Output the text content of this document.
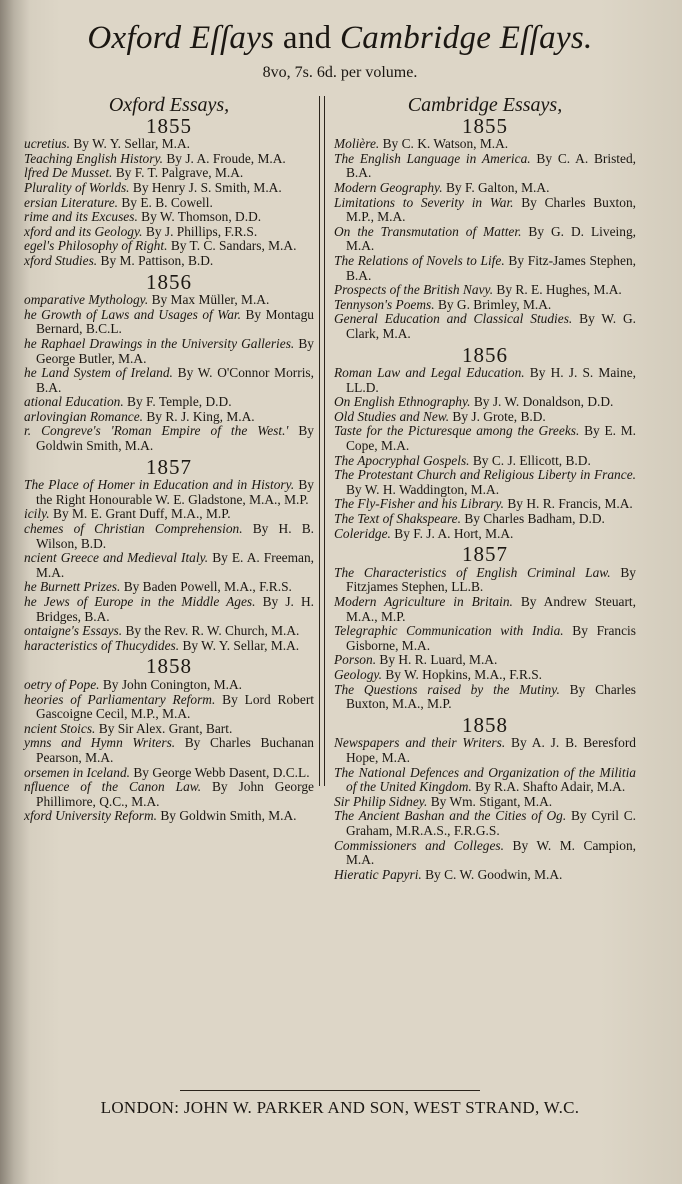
Oxford Eſſays and Cambridge Eſſays.
8vo, 7s. 6d. per volume.
Oxford Essays,
1855

ucretius. By W. Y. Sellar, M.A.

Teaching English History. By J. A. Froude, M.A.

lfred De Musset. By F. T. Palgrave, M.A.

Plurality of Worlds. By Henry J. S. Smith, M.A.

ersian Literature. By E. B. Cowell.

rime and its Excuses. By W. Thomson, D.D.

xford and its Geology. By J. Phillips, F.R.S.

egel's Philosophy of Right. By T. C. Sandars, M.A.

xford Studies. By M. Pattison, B.D.

1856

omparative Mythology. By Max Müller, M.A.

he Growth of Laws and Usages of War. By Montagu Bernard, B.C.L.

he Raphael Drawings in the University Galleries. By George Butler, M.A.

he Land System of Ireland. By W. O'Connor Morris, B.A.

ational Education. By F. Temple, D.D.

arlovingian Romance. By R. J. King, M.A.

r. Congreve's 'Roman Empire of the West.' By Goldwin Smith, M.A.

1857

The Place of Homer in Education and in History. By the Right Honourable W. E. Gladstone, M.A., M.P.

icily. By M. E. Grant Duff, M.A., M.P.

chemes of Christian Comprehension. By H. B. Wilson, B.D.

ncient Greece and Medieval Italy. By E. A. Freeman, M.A.

he Burnett Prizes. By Baden Powell, M.A., F.R.S.

he Jews of Europe in the Middle Ages. By J. H. Bridges, B.A.

ontaigne's Essays. By the Rev. R. W. Church, M.A.

haracteristics of Thucydides. By W. Y. Sellar, M.A.

1858

oetry of Pope. By John Conington, M.A.

heories of Parliamentary Reform. By Lord Robert Gascoigne Cecil, M.P., M.A.

ncient Stoics. By Sir Alex. Grant, Bart.

ymns and Hymn Writers. By Charles Buchanan Pearson, M.A.

orsemen in Iceland. By George Webb Dasent, D.C.L.

nfluence of the Canon Law. By John George Phillimore, Q.C., M.A.

xford University Reform. By Goldwin Smith, M.A.

Cambridge Essays,
1855

Molière. By C. K. Watson, M.A.

The English Language in America. By C. A. Bristed, B.A.

Modern Geography. By F. Galton, M.A.

Limitations to Severity in War. By Charles Buxton, M.P., M.A.

On the Transmutation of Matter. By G. D. Liveing, M.A.

The Relations of Novels to Life. By Fitz-James Stephen, B.A.

Prospects of the British Navy. By R. E. Hughes, M.A.

Tennyson's Poems. By G. Brimley, M.A.

General Education and Classical Studies. By W. G. Clark, M.A.

1856

Roman Law and Legal Education. By H. J. S. Maine, LL.D.

On English Ethnography. By J. W. Donaldson, D.D.

Old Studies and New. By J. Grote, B.D.

Taste for the Picturesque among the Greeks. By E. M. Cope, M.A.

The Apocryphal Gospels. By C. J. Ellicott, B.D.

The Protestant Church and Religious Liberty in France. By W. H. Waddington, M.A.

The Fly-Fisher and his Library. By H. R. Francis, M.A.

The Text of Shakspeare. By Charles Badham, D.D.

Coleridge. By F. J. A. Hort, M.A.

1857

The Characteristics of English Criminal Law. By Fitzjames Stephen, LL.B.

Modern Agriculture in Britain. By Andrew Steuart, M.A., M.P.

Telegraphic Communication with India. By Francis Gisborne, M.A.

Porson. By H. R. Luard, M.A.

Geology. By W. Hopkins, M.A., F.R.S.

The Questions raised by the Mutiny. By Charles Buxton, M.A., M.P.

1858

Newspapers and their Writers. By A. J. B. Beresford Hope, M.A.

The National Defences and Organization of the Militia of the United Kingdom. By R.A. Shafto Adair, M.A.

Sir Philip Sidney. By Wm. Stigant, M.A.

The Ancient Bashan and the Cities of Og. By Cyril C. Graham, M.R.A.S., F.R.G.S.

Commissioners and Colleges. By W. M. Campion, M.A.

Hieratic Papyri. By C. W. Goodwin, M.A.

LONDON: JOHN W. PARKER AND SON, WEST STRAND, W.C.
